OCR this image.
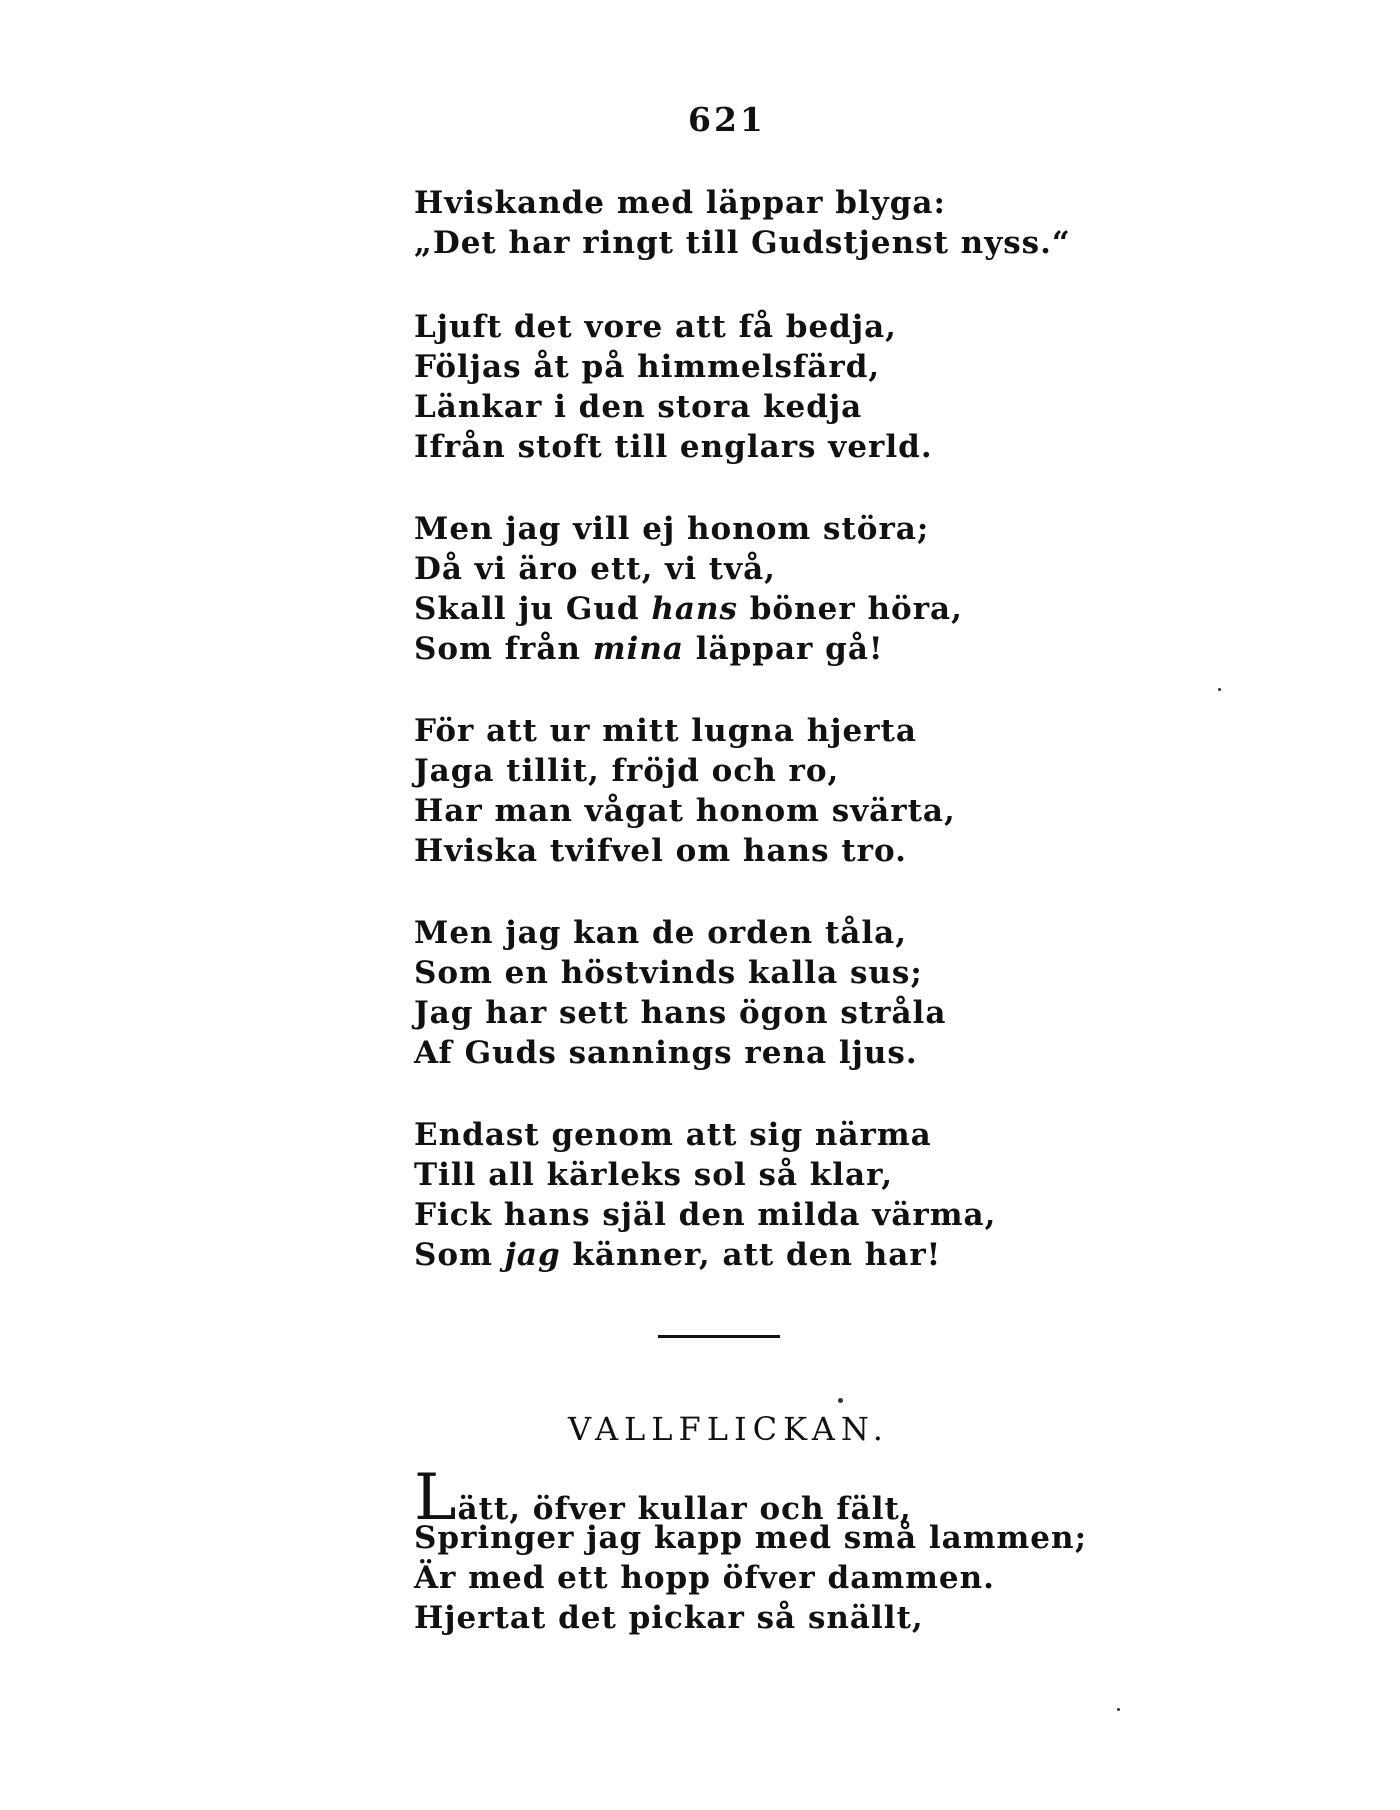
621
Hviskande med läppar blyga:
„Det har ringt till Gudstjenst nyss.“
Ljuft det vore att få bedja,
Följas åt på himmelsfärd,
Länkar i den stora kedja
Ifrån stoft till englars verld.
Men jag vill ej honom störa;
Då vi äro ett, vi två,
Skall ju Gud hans böner höra,
Som från mina läppar gå!
För att ur mitt lugna hjerta
Jaga tillit, fröjd och ro,
Har man vågat honom svärta,
Hviska tvifvel om hans tro.
Men jag kan de orden tåla,
Som en höstvinds kalla sus;
Jag har sett hans ögon stråla
Af Guds sannings rena ljus.
Endast genom att sig närma
Till all kärleks sol så klar,
Fick hans själ den milda värma,
Som jag känner, att den har!
VALLFLICKAN.
Lätt, öfver kullar och fält,
Springer jag kapp med små lammen;
Är med ett hopp öfver dammen.
Hjertat det pickar så snällt,
